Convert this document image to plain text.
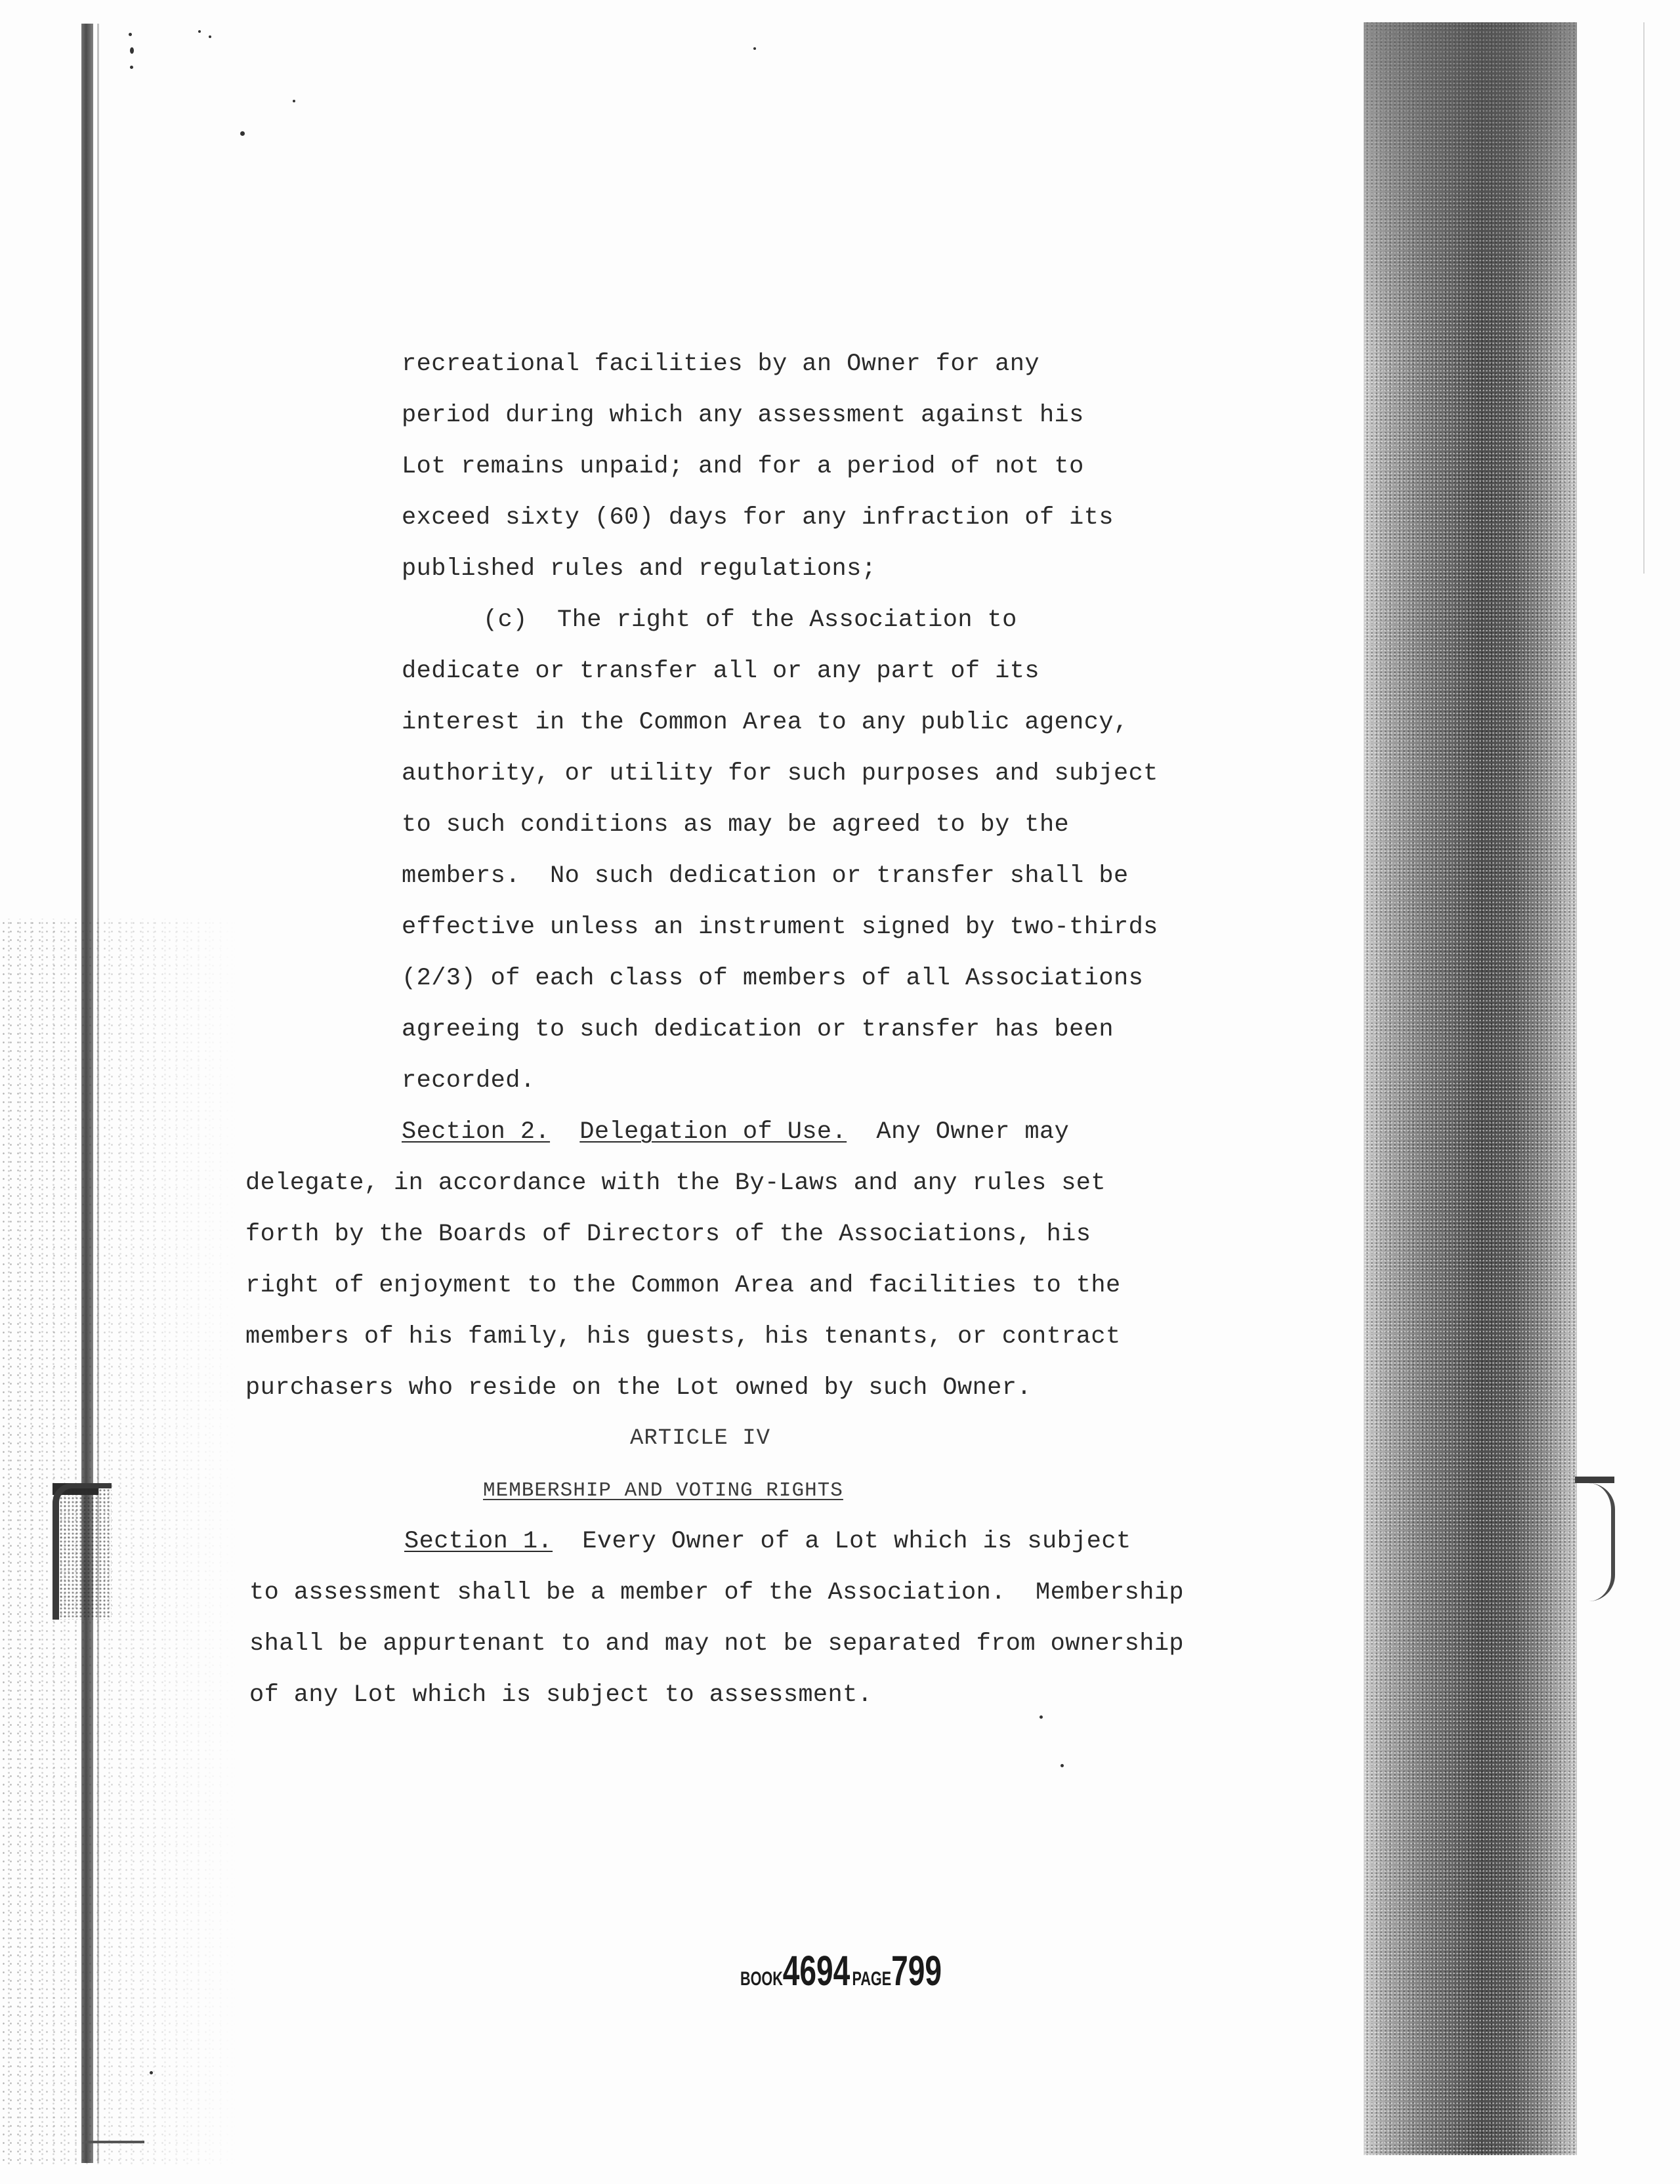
recreational facilities by an Owner for any
period during which any assessment against his
Lot remains unpaid; and for a period of not to
exceed sixty (60) days for any infraction of its
published rules and regulations;
(c) The right of the Association to
dedicate or transfer all or any part of its
interest in the Common Area to any public agency,
authority, or utility for such purposes and subject
to such conditions as may be agreed to by the
members.  No such dedication or transfer shall be
effective unless an instrument signed by two-thirds
(2/3) of each class of members of all Associations
agreeing to such dedication or transfer has been
recorded.
Section 2. Delegation of Use. Any Owner may
delegate, in accordance with the By-Laws and any rules set
forth by the Boards of Directors of the Associations, his
right of enjoyment to the Common Area and facilities to the
members of his family, his guests, his tenants, or contract
purchasers who reside on the Lot owned by such Owner.
ARTICLE IV
MEMBERSHIP AND VOTING RIGHTS
Section 1. Every Owner of a Lot which is subject
to assessment shall be a member of the Association.  Membership
shall be appurtenant to and may not be separated from ownership
of any Lot which is subject to assessment.
BOOK4694 PAGE799
